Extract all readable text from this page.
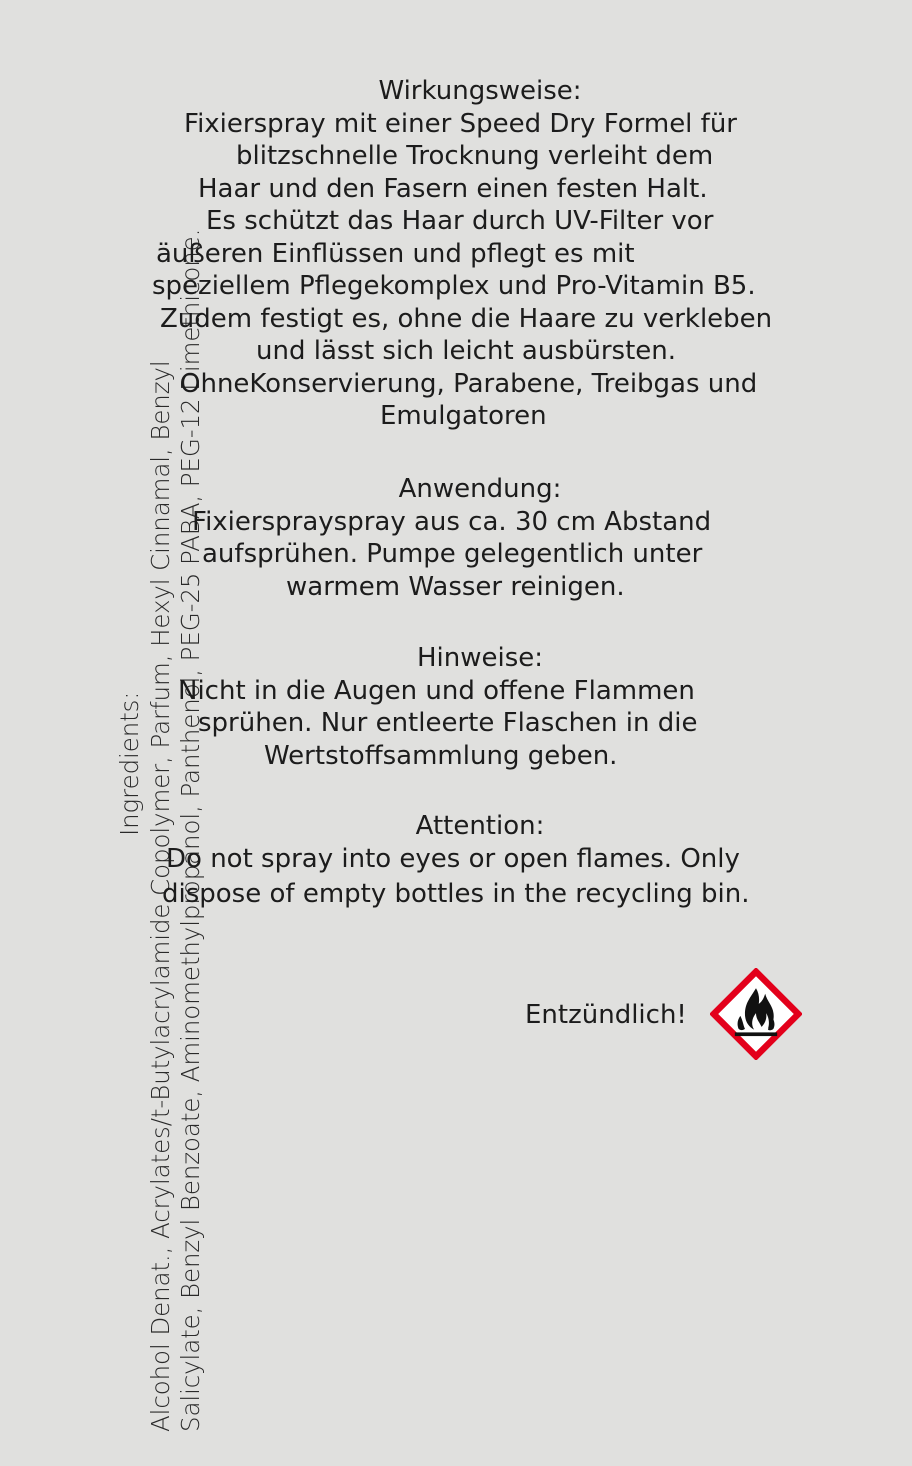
Ingredients: Alcohol Denat., Acrylates/t-Butylacrylamide Copolymer, Parfum, Hexyl Cinnamal, Benzyl Salicylate, Benzyl Benzoate, Aminomethylpropanol, Panthenol, PEG-25 PABA, PEG-12 Dimethicone.
Wirkungsweise:
Fixierspray mit einer Speed Dry Formel für
blitzschnelle Trocknung verleiht dem
Haar und den Fasern einen festen Halt.
Es schützt das Haar durch UV-Filter vor
äußeren Einflüssen und pflegt es mit
speziellem Pflegekomplex und Pro-Vitamin B5.
Zudem festigt es, ohne die Haare zu verkleben
und lässt sich leicht ausbürsten.
OhneKonservierung, Parabene, Treibgas und
Emulgatoren
Anwendung:
Fixiersprayspray aus ca. 30 cm Abstand
aufsprühen. Pumpe gelegentlich unter
warmem Wasser reinigen.
Hinweise:
Nicht in die Augen und offene Flammen
sprühen. Nur entleerte Flaschen in die
Wertstoffsammlung geben.
Attention:
Do not spray into eyes or open flames. Only
dispose of empty bottles in the recycling bin.
Entzündlich!
